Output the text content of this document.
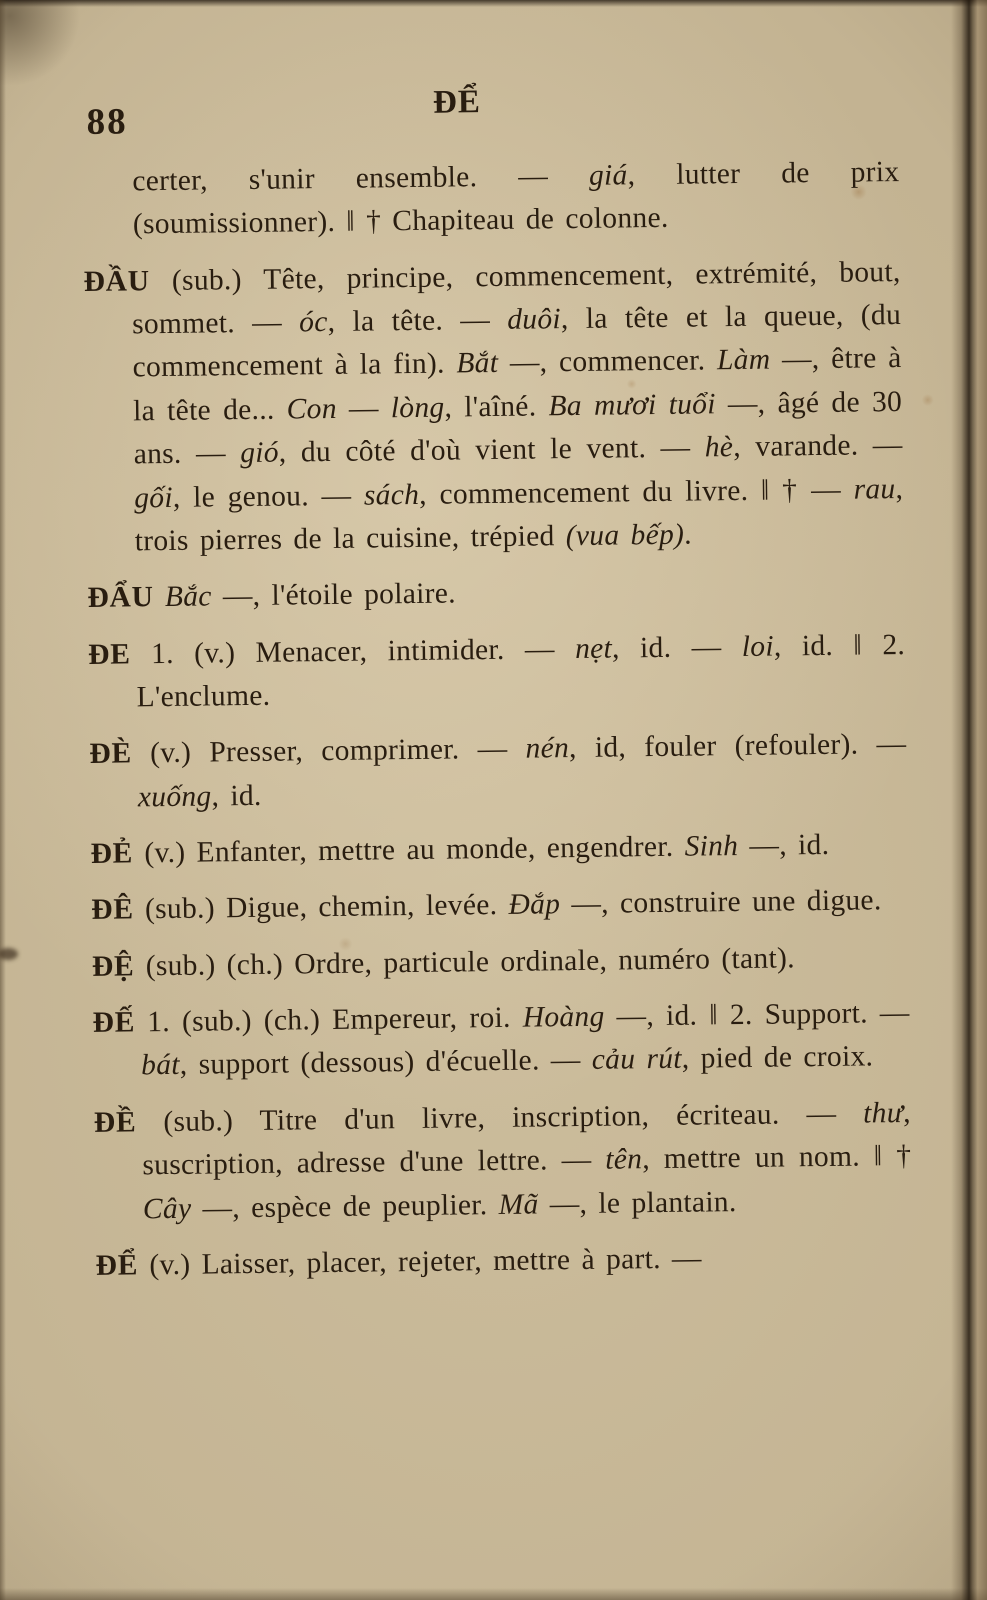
88	ĐỂ

certer, s'unir ensemble. — giá, lutter de prix (soumissionner). ‖ † Chapiteau de colonne.

ĐẦU (sub.) Tête, principe, commencement, extrémité, bout, sommet. — óc, la tête. — duôi, la tête et la queue, (du commencement à la fin). Bắt —, commencer. Làm —, être à la tête de... Con — lòng, l'aîné. Ba mươi tuổi —, âgé de 30 ans. — gió, du côté d'où vient le vent. — hè, varande. — gối, le genou. — sách, commencement du livre. ‖ † — rau, trois pierres de la cuisine, trépied (vua bếp).

ĐẨU Bắc —, l'étoile polaire.

ĐE 1. (v.) Menacer, intimider. — nẹt, id. — loi, id. ‖ 2. L'enclume.

ĐÈ (v.) Presser, comprimer. — nén, id, fouler (refouler). — xuống, id.

ĐẺ (v.) Enfanter, mettre au monde, engendrer. Sinh —, id.

ĐÊ (sub.) Digue, chemin, levée. Đắp —, construire une digue.

ĐỆ (sub.) (ch.) Ordre, particule ordinale, numéro (tant).

ĐẾ 1. (sub.) (ch.) Empereur, roi. Hoàng —, id. ‖ 2. Support. — bát, support (dessous) d'écuelle. — cảu rút, pied de croix.

ĐỀ (sub.) Titre d'un livre, inscription, écriteau. — thư, suscription, adresse d'une lettre. — tên, mettre un nom. ‖ † Cây —, espèce de peuplier. Mã —, le plantain.

ĐỂ (v.) Laisser, placer, rejeter, mettre à part. —
